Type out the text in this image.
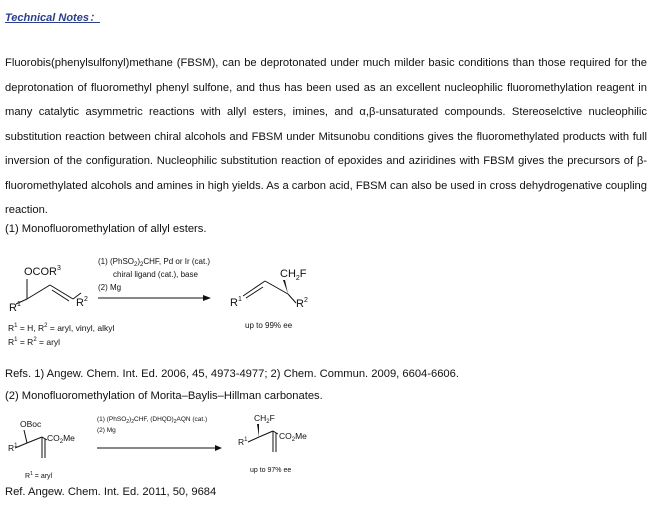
Technical Notes：

Fluorobis(phenylsulfonyl)methane (FBSM), can be deprotonated under much milder basic conditions than those required for the deprotonation of fluoromethyl phenyl sulfone, and thus has been used as an excellent nucleophilic fluoromethylation reagent in many catalytic asymmetric reactions with allyl esters, imines, and α,β-unsaturated compounds. Stereoselctive nucleophilic substitution reaction between chiral alcohols and FBSM under Mitsunobu conditions gives the fluoromethylated products with full inversion of the configuration. Nucleophilic substitution reaction of epoxides and aziridines with FBSM gives the precursors of β-fluoromethylated alcohols and amines in high yields. As a carbon acid, FBSM can also be used in cross dehydrogenative coupling reaction.

(1) Monofluoromethylation of allyl esters.
OCOR$^3$
$R^1$	$R^2$
(1) $(PhSO_2)_2CHF$, Pd or Ir (cat.)
chiral ligand (cat.), base
(2) Mg
$CH_2F$
$R^1$	$R^2$
up to 99% ee
$R^1 = H$, $R^2$ = aryl, vinyl, alkyl
$R^1 = R^2$ = aryl
Refs. 1) Angew. Chem. Int. Ed. 2006, 45, 4973-4977; 2) Chem. Commun. 2009, 6604-6606.
(2) Monofluoromethylation of Morita–Baylis–Hillman carbonates.
OBoc
$CO_2Me$
$R^1$
$R^1$ = aryl
(1) $(PhSO_2)_2CHF$, $(DHQD)_2AQN$ (cat.)
(2) Mg
$CH_2F$
$CO_2Me$
$R^1$
up to 97% ee
Ref. Angew. Chem. Int. Ed. 2011, 50, 9684
